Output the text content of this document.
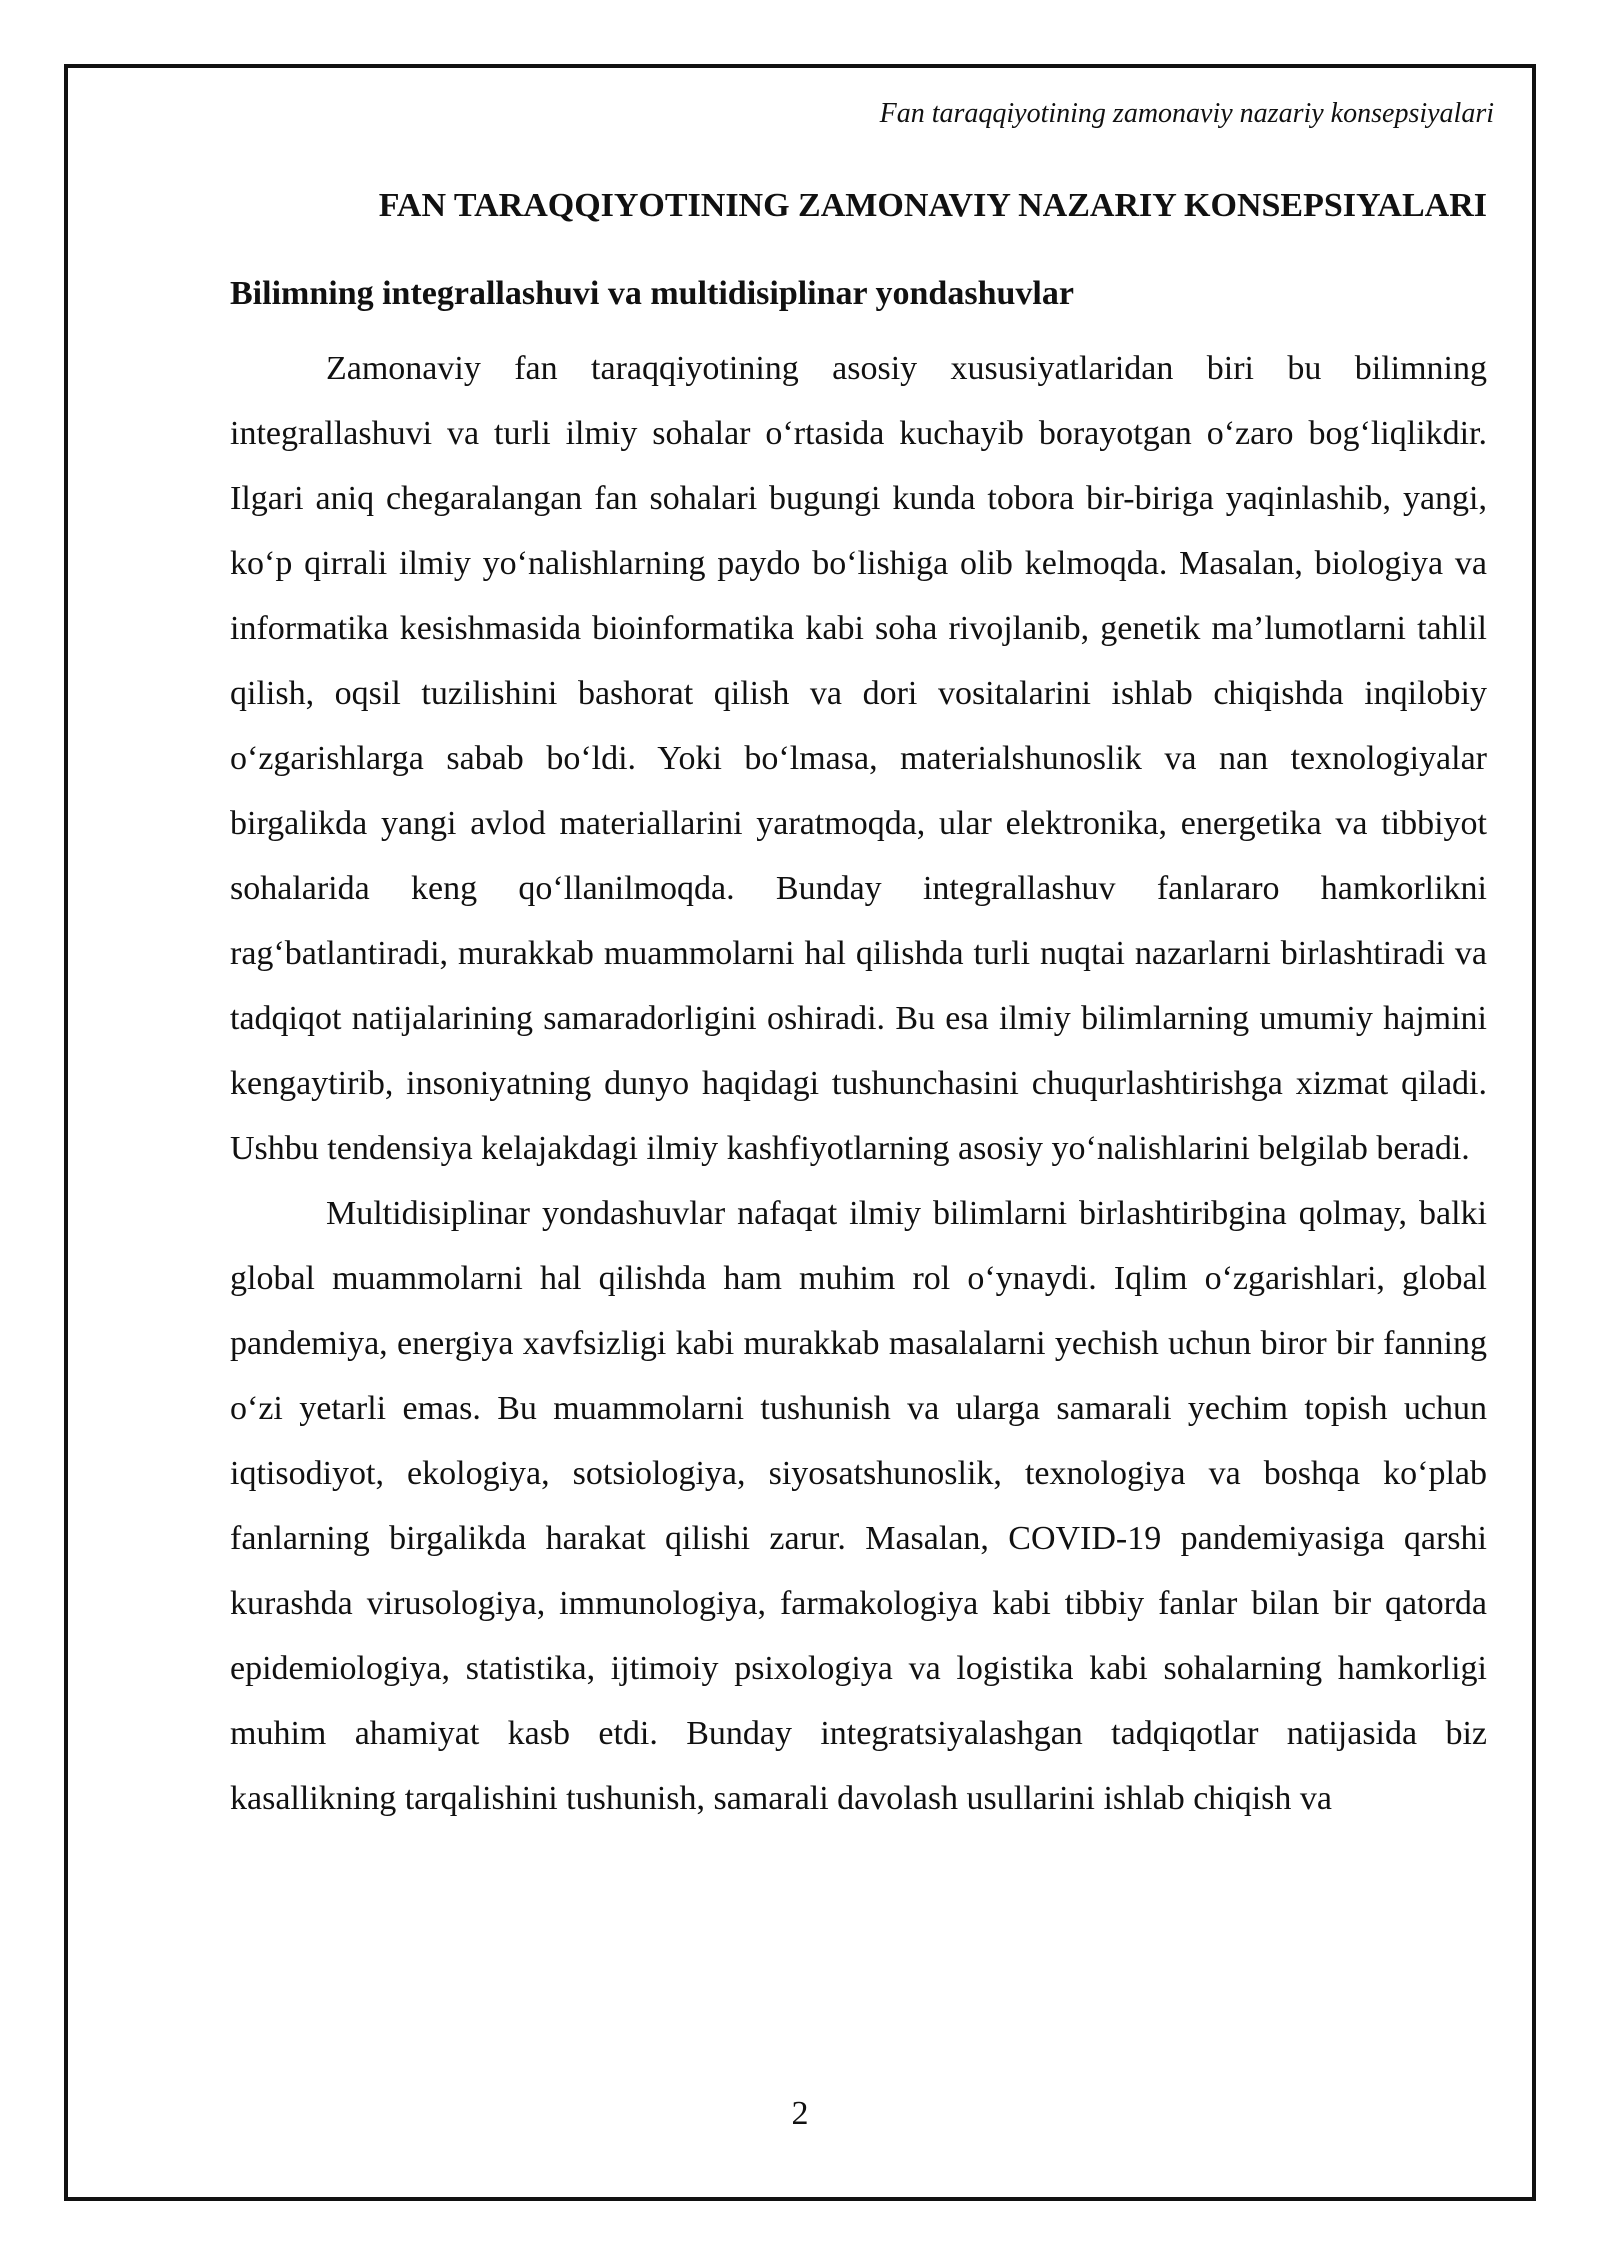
Fan taraqqiyotining zamonaviy nazariy konsepsiyalari

FAN TARAQQIYOTINING ZAMONAVIY NAZARIY KONSEPSIYALARI
Bilimning integrallashuvi va multidisiplinar yondashuvlar

Zamonaviy fan taraqqiyotining asosiy xususiyatlaridan biri bu bilimning integrallashuvi va turli ilmiy sohalar o‘rtasida kuchayib borayotgan o‘zaro bog‘liqlikdir. Ilgari aniq chegaralangan fan sohalari bugungi kunda tobora bir-biriga yaqinlashib, yangi, ko‘p qirrali ilmiy yo‘nalishlarning paydo bo‘lishiga olib kelmoqda. Masalan, biologiya va informatika kesishmasida bioinformatika kabi soha rivojlanib, genetik ma’lumotlarni tahlil qilish, oqsil tuzilishini bashorat qilish va dori vositalarini ishlab chiqishda inqilobiy o‘zgarishlarga sabab bo‘ldi. Yoki bo‘lmasa, materialshunoslik va nan texnologiyalar birgalikda yangi avlod materiallarini yaratmoqda, ular elektronika, energetika va tibbiyot sohalarida keng qo‘llanilmoqda. Bunday integrallashuv fanlararo hamkorlikni rag‘batlantiradi, murakkab muammolarni hal qilishda turli nuqtai nazarlarni birlashtiradi va tadqiqot natijalarining samaradorligini oshiradi. Bu esa ilmiy bilimlarning umumiy hajmini kengaytirib, insoniyatning dunyo haqidagi tushunchasini chuqurlashtirishga xizmat qiladi. Ushbu tendensiya kelajakdagi ilmiy kashfiyotlarning asosiy yo‘nalishlarini belgilab beradi.

Multidisiplinar yondashuvlar nafaqat ilmiy bilimlarni birlashtiribgina qolmay, balki global muammolarni hal qilishda ham muhim rol o‘ynaydi. Iqlim o‘zgarishlari, global pandemiya, energiya xavfsizligi kabi murakkab masalalarni yechish uchun biror bir fanning o‘zi yetarli emas. Bu muammolarni tushunish va ularga samarali yechim topish uchun iqtisodiyot, ekologiya, sotsiologiya, siyosatshunoslik, texnologiya va boshqa ko‘plab fanlarning birgalikda harakat qilishi zarur. Masalan, COVID-19 pandemiyasiga qarshi kurashda virusologiya, immunologiya, farmakologiya kabi tibbiy fanlar bilan bir qatorda epidemiologiya, statistika, ijtimoiy psixologiya va logistika kabi sohalarning hamkorligi muhim ahamiyat kasb etdi. Bunday integratsiyalashgan tadqiqotlar natijasida biz kasallikning tarqalishini tushunish, samarali davolash usullarini ishlab chiqish va

2
